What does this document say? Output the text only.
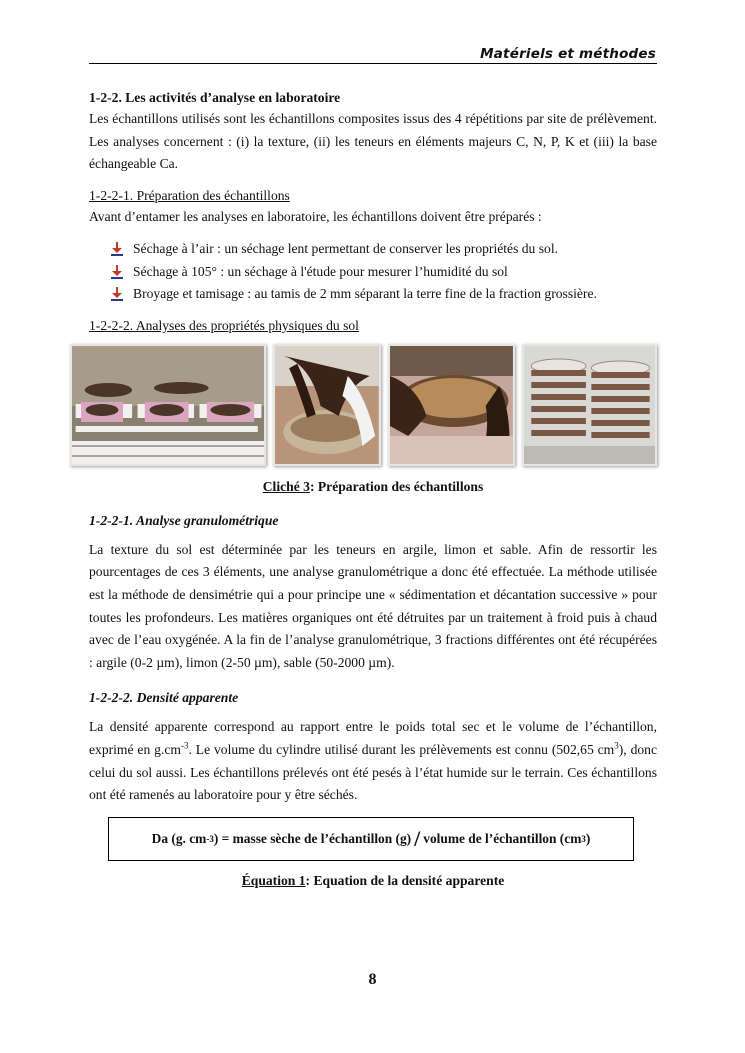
Matériels et méthodes
1-2-2. Les activités d’analyse en laboratoire

Les échantillons utilisés sont les échantillons composites issus des 4 répétitions par site de prélèvement. Les analyses concernent : (i) la texture, (ii) les teneurs en éléments majeurs C, N, P, K et (iii) la base échangeable Ca.

1-2-2-1. Préparation des échantillons

Avant d’entamer les analyses en laboratoire, les échantillons doivent être préparés :

Séchage à l’air : un séchage lent permettant de conserver les propriétés du sol.
Séchage à 105° : un séchage à l'étude pour mesurer l’humidité du sol
Broyage et tamisage : au tamis de 2 mm séparant la terre fine de la fraction grossière.
1-2-2-2. Analyses des propriétés physiques du sol
Cliché 3: Préparation des échantillons
1-2-2-1. Analyse granulométrique

La texture du sol est déterminée par les teneurs en argile, limon et sable. Afin de ressortir les pourcentages de ces 3 éléments, une analyse granulométrique a donc été effectuée. La méthode utilisée est la méthode de densimétrie qui a pour principe une « sédimentation et décantation successive » pour toutes les profondeurs. Les matières organiques ont été détruites par un traitement à froid puis à chaud avec de l’eau oxygénée. A la fin de l’analyse granulométrique, 3 fractions différentes ont été récupérées : argile (0-2 µm), limon (2-50 µm), sable (50-2000 µm).

1-2-2-2. Densité apparente

La densité apparente correspond au rapport entre le poids total sec et le volume de l’échantillon, exprimé en $g.cm^{-3}$. Le volume du cylindre utilisé durant les prélèvements est connu (502,65 $cm^3$), donc celui du sol aussi. Les échantillons prélevés ont été pesés à l’état humide sur le terrain. Ces échantillons ont été ramenés au laboratoire pour y être séchés.

Da (g. cm -3 ) = masse sèche de l’échantillon (g) / volume de l’échantillon (cm 3 )
Équation 1: Equation de la densité apparente
8
